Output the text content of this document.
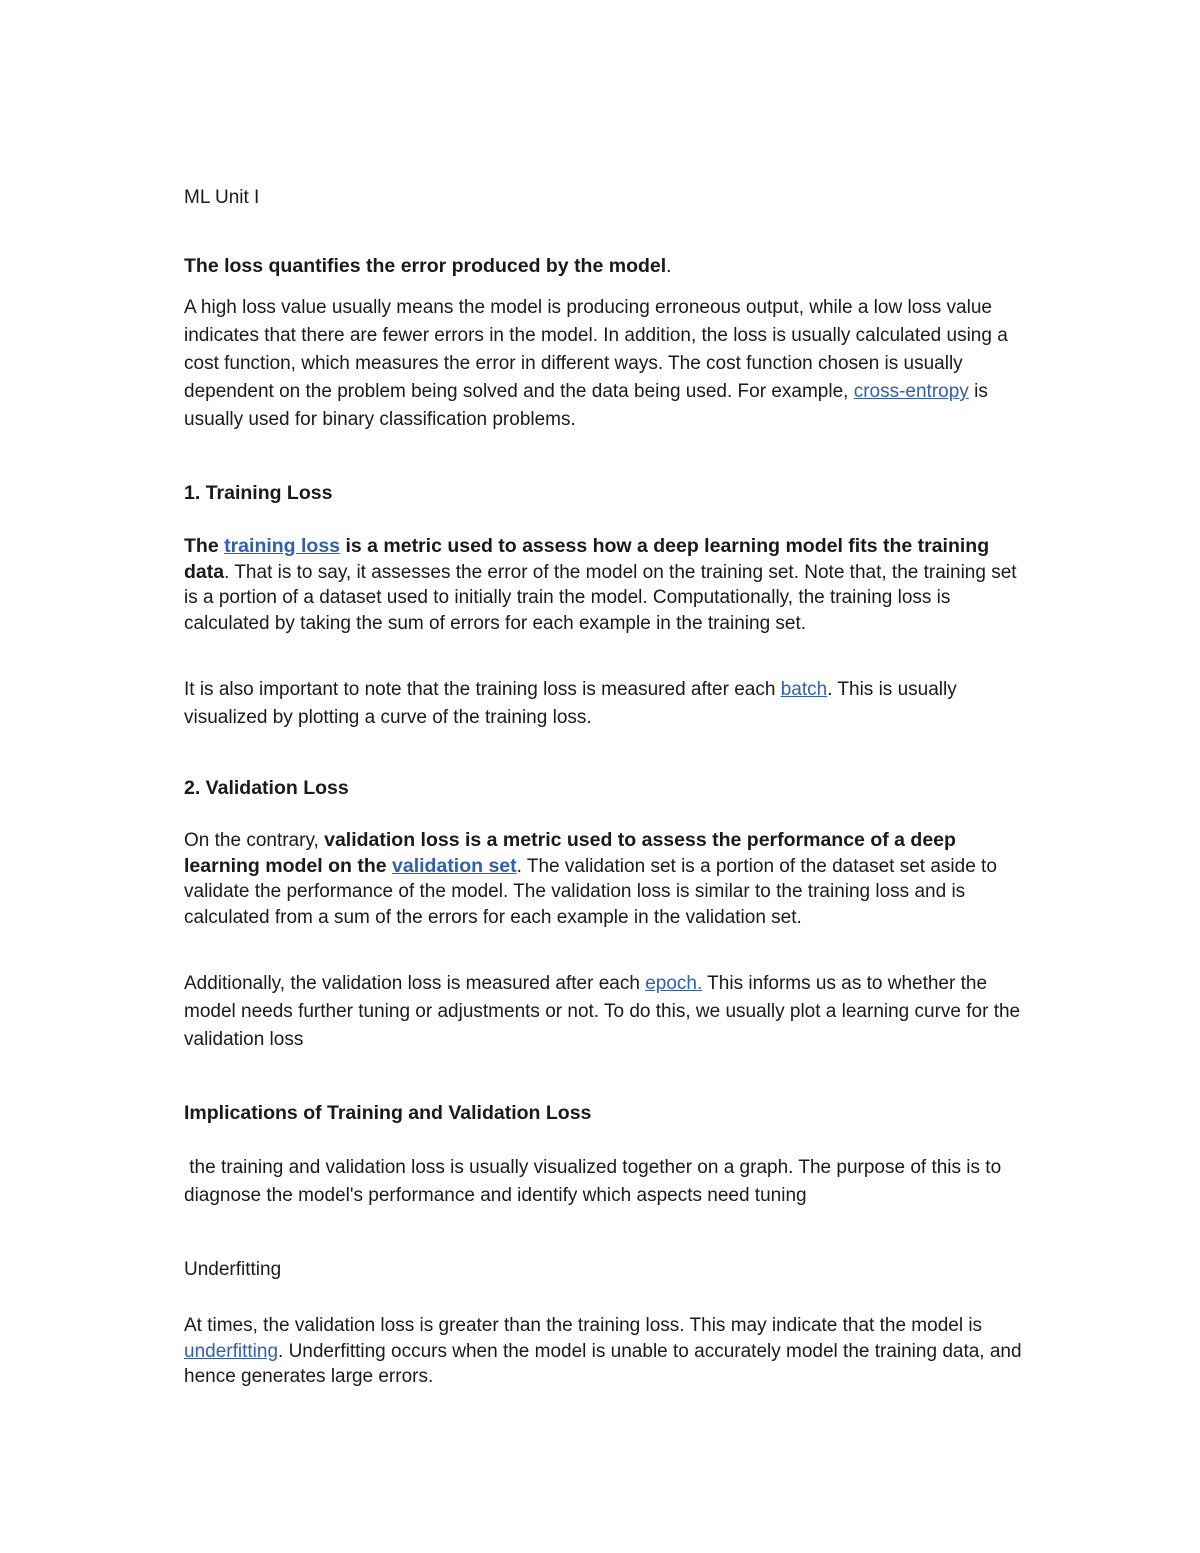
ML Unit I

The loss quantifies the error produced by the model.

A high loss value usually means the model is producing erroneous output, while a low loss value indicates that there are fewer errors in the model. In addition, the loss is usually calculated using a cost function, which measures the error in different ways. The cost function chosen is usually dependent on the problem being solved and the data being used. For example, cross-entropy is usually used for binary classification problems.

1. Training Loss

The training loss is a metric used to assess how a deep learning model fits the training data. That is to say, it assesses the error of the model on the training set. Note that, the training set is a portion of a dataset used to initially train the model. Computationally, the training loss is calculated by taking the sum of errors for each example in the training set.

It is also important to note that the training loss is measured after each batch. This is usually visualized by plotting a curve of the training loss.

2. Validation Loss

On the contrary, validation loss is a metric used to assess the performance of a deep learning model on the validation set. The validation set is a portion of the dataset set aside to validate the performance of the model. The validation loss is similar to the training loss and is calculated from a sum of the errors for each example in the validation set.

Additionally, the validation loss is measured after each epoch. This informs us as to whether the model needs further tuning or adjustments or not. To do this, we usually plot a learning curve for the validation loss

Implications of Training and Validation Loss

the training and validation loss is usually visualized together on a graph. The purpose of this is to diagnose the model's performance and identify which aspects need tuning

Underfitting

At times, the validation loss is greater than the training loss. This may indicate that the model is underfitting. Underfitting occurs when the model is unable to accurately model the training data, and hence generates large errors.
